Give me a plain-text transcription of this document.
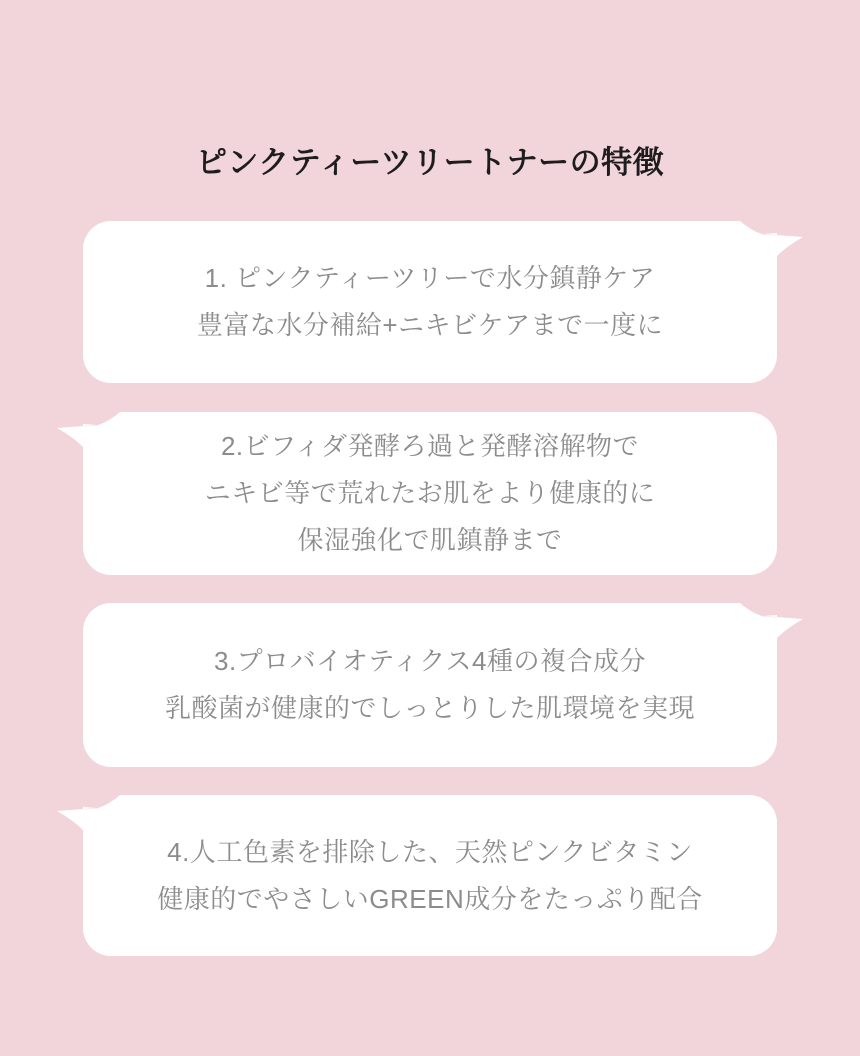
ピンクティーツリートナーの特徴
1. ピンクティーツリーで水分鎮静ケア
豊富な水分補給+ニキビケアまで一度に
2.ビフィダ発酵ろ過と発酵溶解物で
ニキビ等で荒れたお肌をより健康的に
保湿強化で肌鎮静まで
3.プロバイオティクス4種の複合成分
乳酸菌が健康的でしっとりした肌環境を実現
4.人工色素を排除した、天然ピンクビタミン
健康的でやさしいGREEN成分をたっぷり配合
